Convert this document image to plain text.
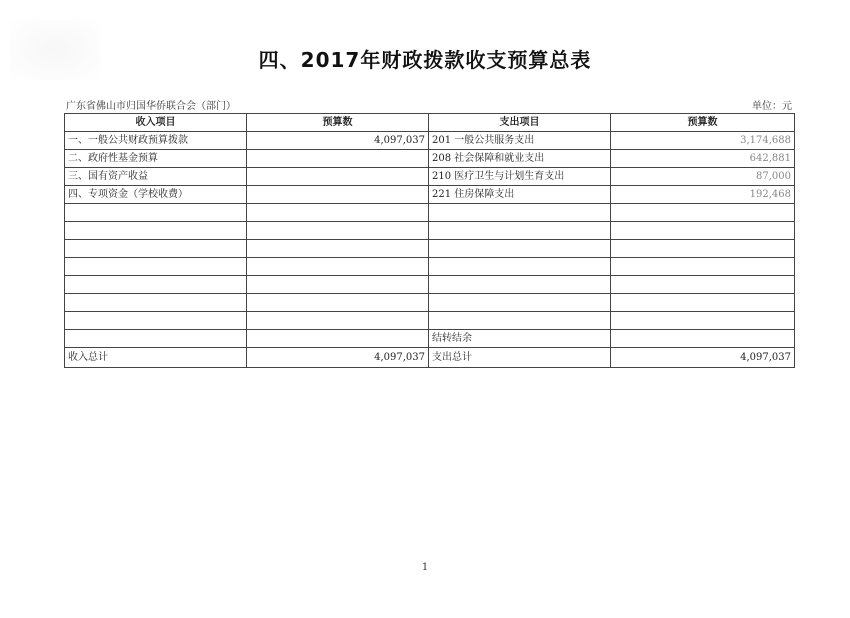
四、2017年财政拨款收支预算总表
广东省佛山市归国华侨联合会（部门）	单位：元
收入项目	预算数	支出项目	预算数
一、一般公共财政预算拨款	4,097,037	201 一般公共服务支出	3,174,688
二、政府性基金预算		208 社会保障和就业支出	642,881
三、国有资产收益		210 医疗卫生与计划生育支出	87,000
四、专项资金（学校收费）		221 住房保障支出	192,468

		结转结余	
收入总计	4,097,037	支出总计	4,097,037
1
